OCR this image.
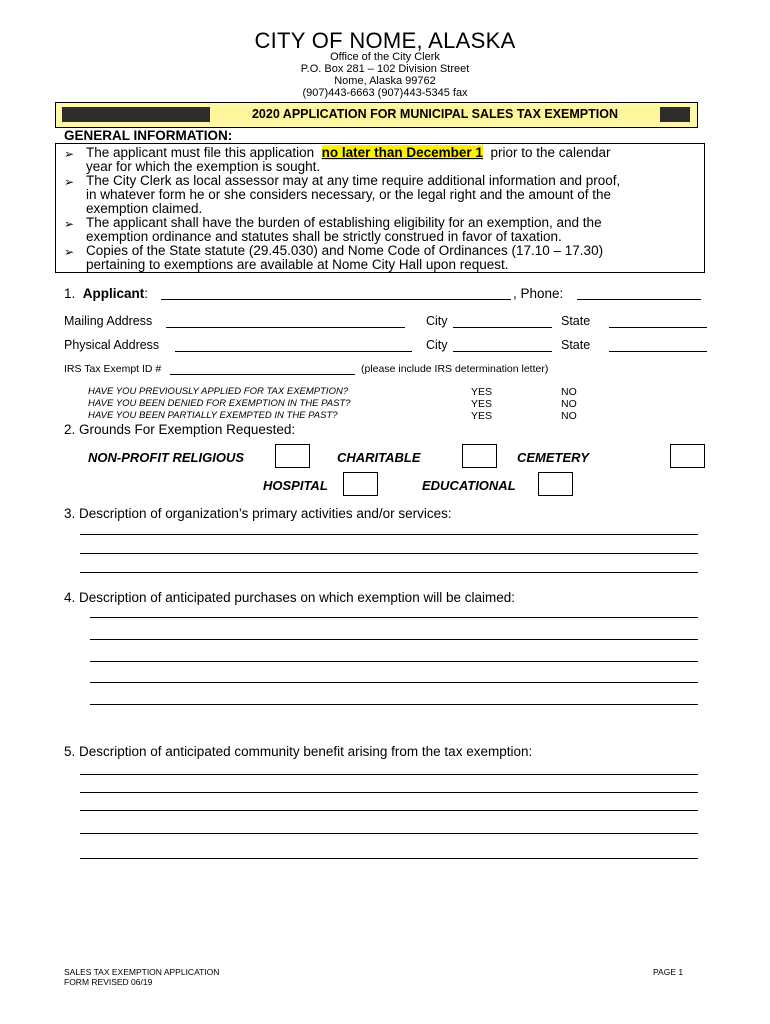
CITY OF NOME, ALASKA
Office of the City Clerk
P.O. Box 281 – 102 Division Street
Nome, Alaska 99762
(907)443-6663 (907)443-5345 fax
2020 APPLICATION FOR MUNICIPAL SALES TAX EXEMPTION
GENERAL INFORMATION:
➢ The applicant must file this application no later than December 1 prior to the calendar
year for which the exemption is sought.
➢ The City Clerk as local assessor may at any time require additional information and proof,
in whatever form he or she considers necessary, or the legal right and the amount of the
exemption claimed.
➢ The applicant shall have the burden of establishing eligibility for an exemption, and the
exemption ordinance and statutes shall be strictly construed in favor of taxation.
➢ Copies of the State statute (29.45.030) and Nome Code of Ordinances (17.10 – 17.30)
pertaining to exemptions are available at Nome City Hall upon request.
1. Applicant:	, Phone:
Mailing Address	City	State
Physical Address	City	State
IRS Tax Exempt ID #	(please include IRS determination letter)
HAVE YOU PREVIOUSLY APPLIED FOR TAX EXEMPTION?	YES	NO
HAVE YOU BEEN DENIED FOR EXEMPTION IN THE PAST?	YES	NO
HAVE YOU BEEN PARTIALLY EXEMPTED IN THE PAST?	YES	NO
2. Grounds For Exemption Requested:
NON-PROFIT RELIGIOUS	CHARITABLE	CEMETERY
HOSPITAL	EDUCATIONAL
3. Description of organization’s primary activities and/or services:
4. Description of anticipated purchases on which exemption will be claimed:
5. Description of anticipated community benefit arising from the tax exemption:
SALES TAX EXEMPTION APPLICATION
FORM REVISED 06/19
PAGE 1
